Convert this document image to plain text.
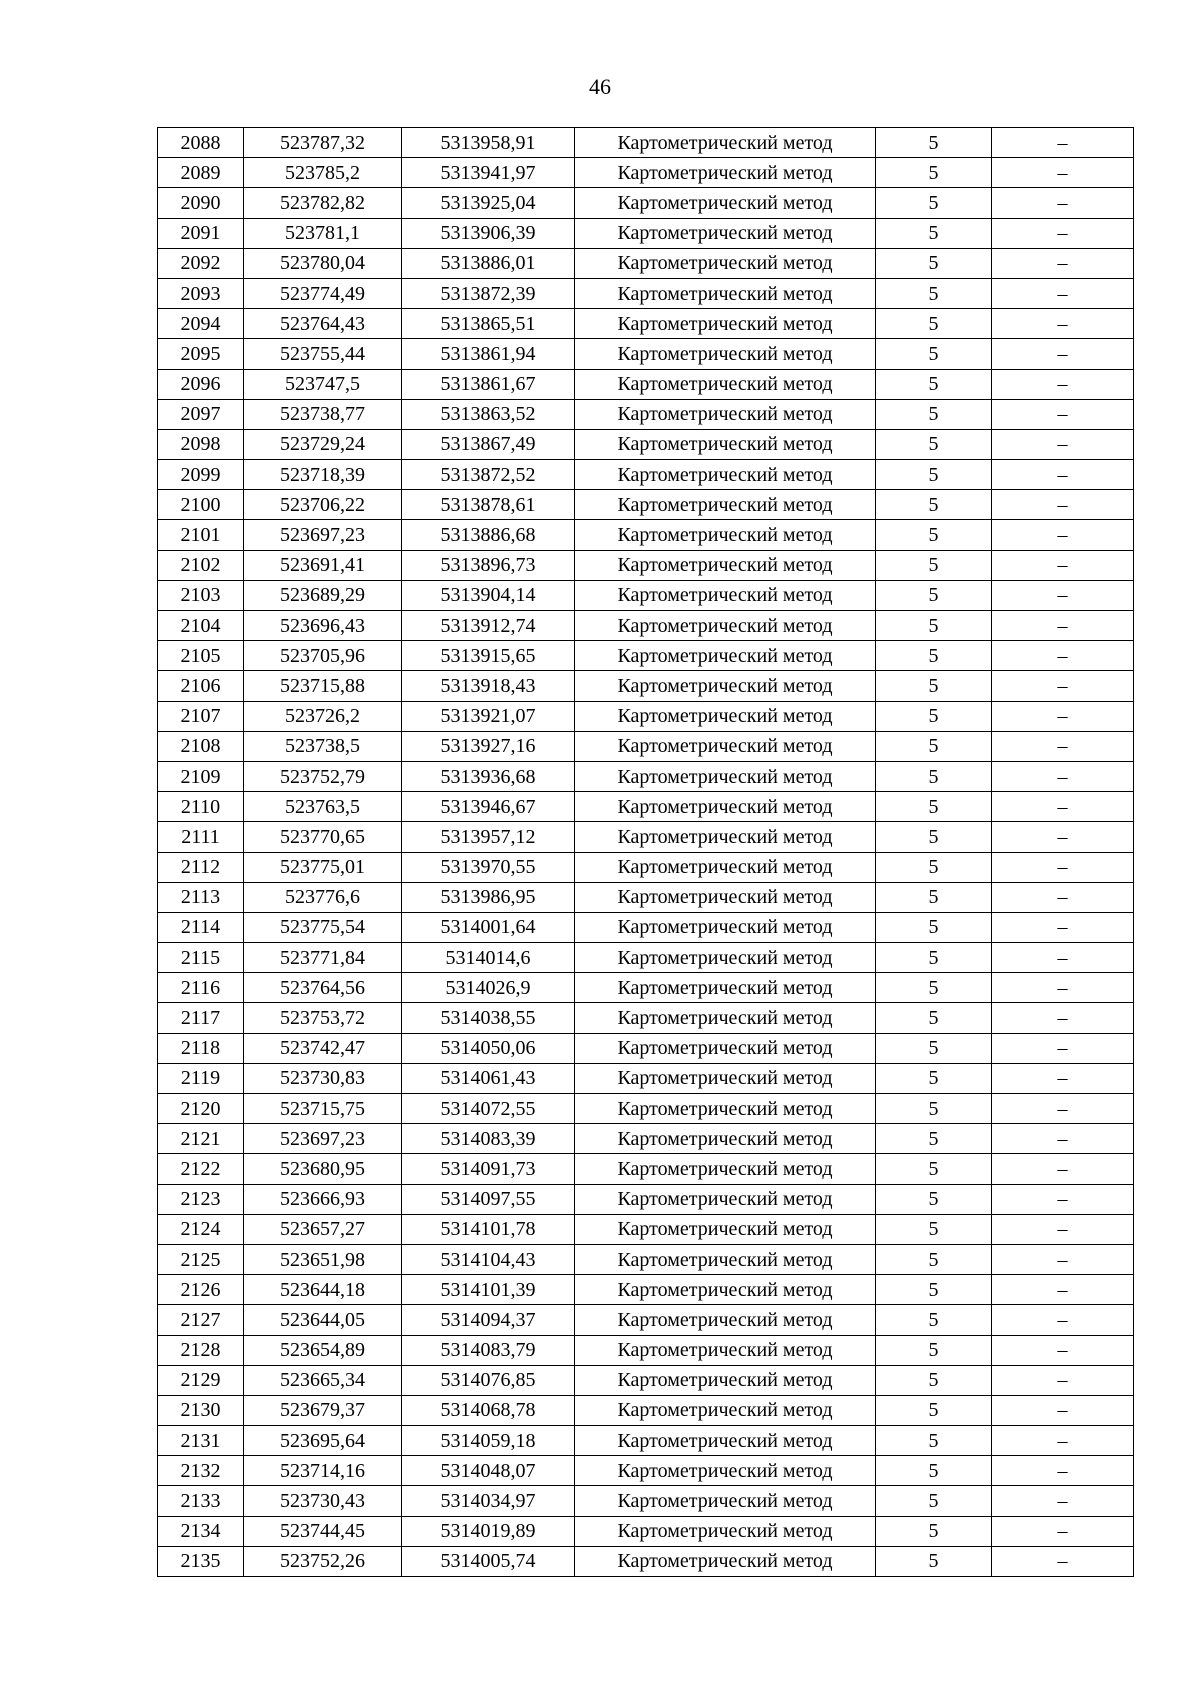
46
2088	523787,32	5313958,91	Картометрический метод	5	–
2089	523785,2	5313941,97	Картометрический метод	5	–
2090	523782,82	5313925,04	Картометрический метод	5	–
2091	523781,1	5313906,39	Картометрический метод	5	–
2092	523780,04	5313886,01	Картометрический метод	5	–
2093	523774,49	5313872,39	Картометрический метод	5	–
2094	523764,43	5313865,51	Картометрический метод	5	–
2095	523755,44	5313861,94	Картометрический метод	5	–
2096	523747,5	5313861,67	Картометрический метод	5	–
2097	523738,77	5313863,52	Картометрический метод	5	–
2098	523729,24	5313867,49	Картометрический метод	5	–
2099	523718,39	5313872,52	Картометрический метод	5	–
2100	523706,22	5313878,61	Картометрический метод	5	–
2101	523697,23	5313886,68	Картометрический метод	5	–
2102	523691,41	5313896,73	Картометрический метод	5	–
2103	523689,29	5313904,14	Картометрический метод	5	–
2104	523696,43	5313912,74	Картометрический метод	5	–
2105	523705,96	5313915,65	Картометрический метод	5	–
2106	523715,88	5313918,43	Картометрический метод	5	–
2107	523726,2	5313921,07	Картометрический метод	5	–
2108	523738,5	5313927,16	Картометрический метод	5	–
2109	523752,79	5313936,68	Картометрический метод	5	–
2110	523763,5	5313946,67	Картометрический метод	5	–
2111	523770,65	5313957,12	Картометрический метод	5	–
2112	523775,01	5313970,55	Картометрический метод	5	–
2113	523776,6	5313986,95	Картометрический метод	5	–
2114	523775,54	5314001,64	Картометрический метод	5	–
2115	523771,84	5314014,6	Картометрический метод	5	–
2116	523764,56	5314026,9	Картометрический метод	5	–
2117	523753,72	5314038,55	Картометрический метод	5	–
2118	523742,47	5314050,06	Картометрический метод	5	–
2119	523730,83	5314061,43	Картометрический метод	5	–
2120	523715,75	5314072,55	Картометрический метод	5	–
2121	523697,23	5314083,39	Картометрический метод	5	–
2122	523680,95	5314091,73	Картометрический метод	5	–
2123	523666,93	5314097,55	Картометрический метод	5	–
2124	523657,27	5314101,78	Картометрический метод	5	–
2125	523651,98	5314104,43	Картометрический метод	5	–
2126	523644,18	5314101,39	Картометрический метод	5	–
2127	523644,05	5314094,37	Картометрический метод	5	–
2128	523654,89	5314083,79	Картометрический метод	5	–
2129	523665,34	5314076,85	Картометрический метод	5	–
2130	523679,37	5314068,78	Картометрический метод	5	–
2131	523695,64	5314059,18	Картометрический метод	5	–
2132	523714,16	5314048,07	Картометрический метод	5	–
2133	523730,43	5314034,97	Картометрический метод	5	–
2134	523744,45	5314019,89	Картометрический метод	5	–
2135	523752,26	5314005,74	Картометрический метод	5	–
